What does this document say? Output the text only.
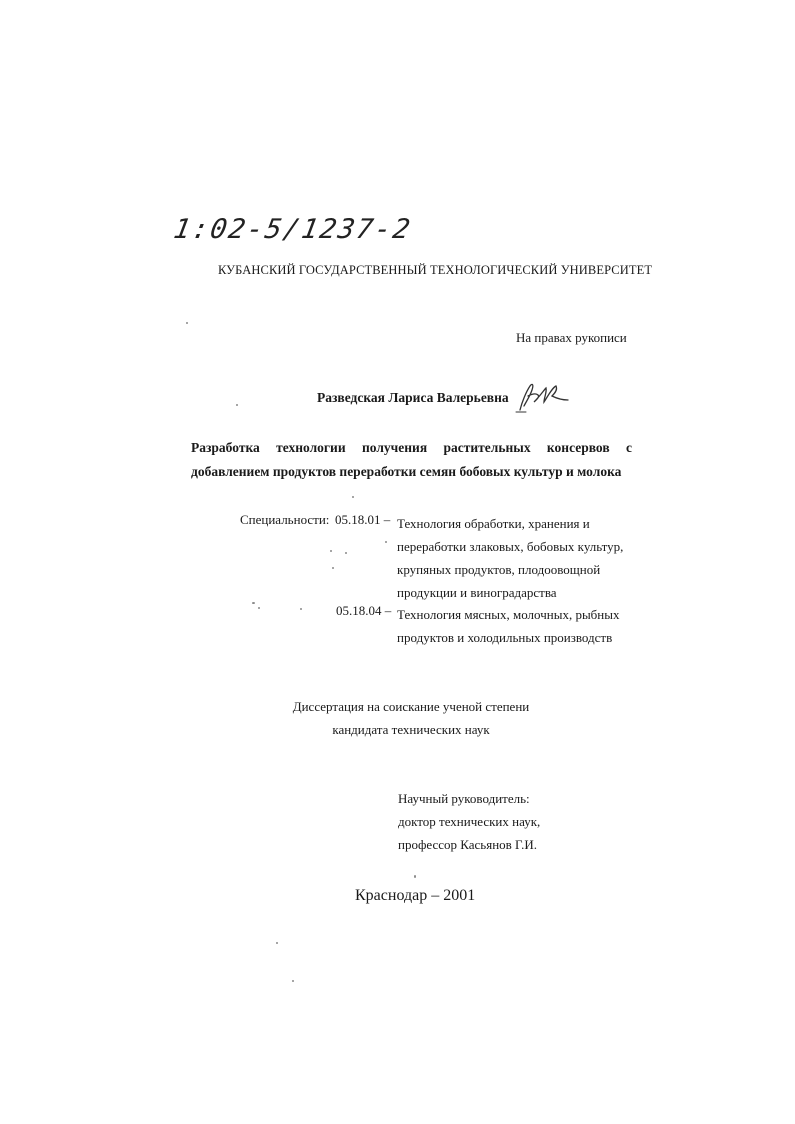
1:02-5/1237-2
КУБАНСКИЙ ГОСУДАРСТВЕННЫЙ ТЕХНОЛОГИЧЕСКИЙ УНИВЕРСИТЕТ
На правах рукописи
Разведская Лариса Валерьевна
Разработка технологии получения растительных консервов с
добавлением продуктов переработки семян бобовых культур и молока
Специальности: 05.18.01 – Технология обработки, хранения и
переработки злаковых, бобовых культур,
крупяных продуктов, плодоовощной
продукции и виноградарства
05.18.04 – Технология мясных, молочных, рыбных
продуктов и холодильных производств
Диссертация на соискание ученой степени
кандидата технических наук
Научный руководитель:
доктор технических наук,
профессор Касьянов Г.И.
Краснодар – 2001
